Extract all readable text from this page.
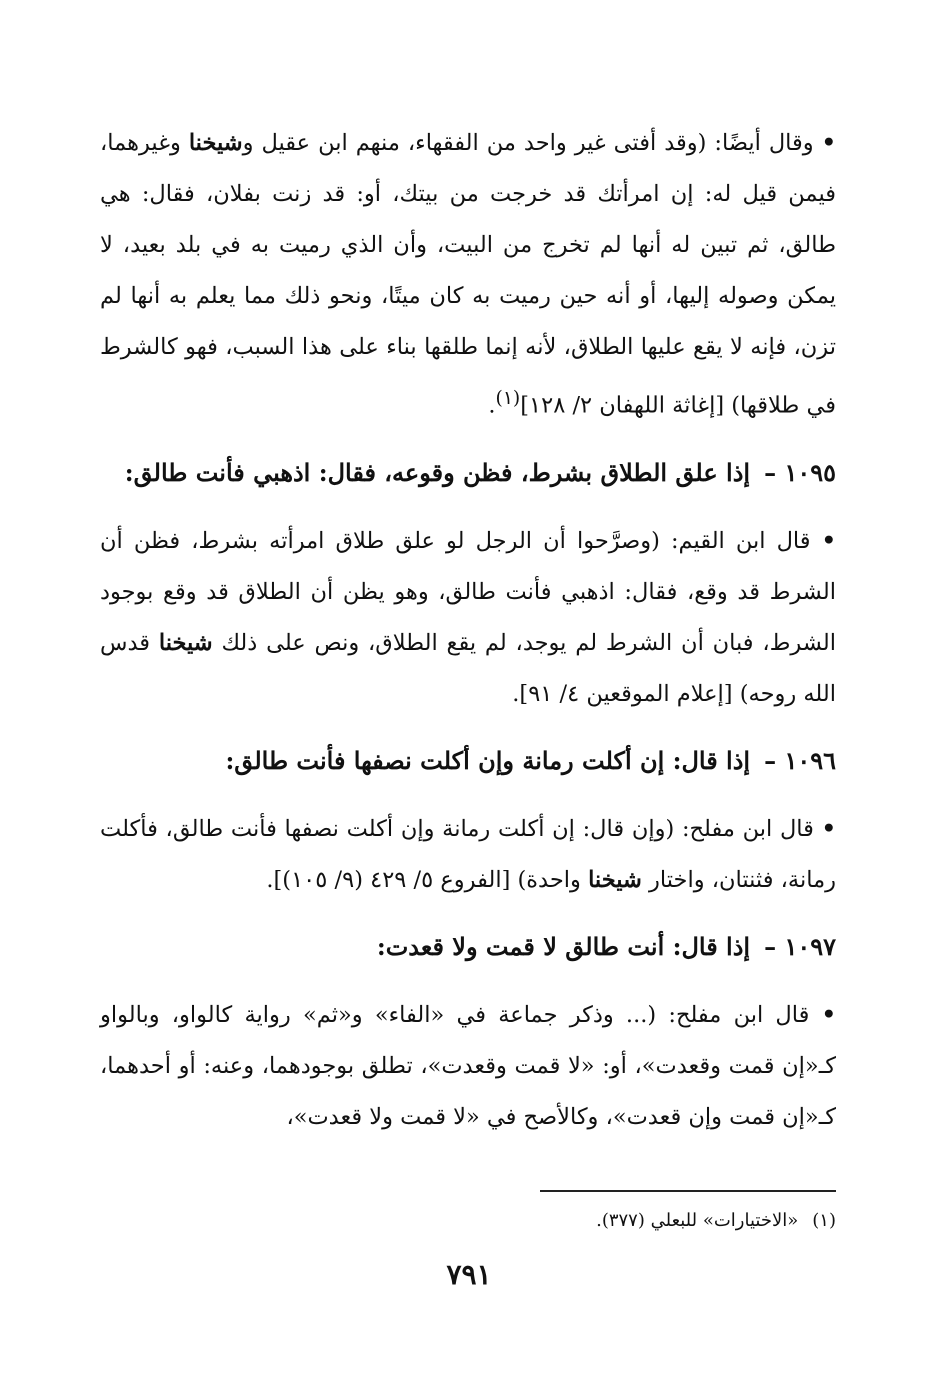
• وقال أيضًا: (وقد أفتى غير واحد من الفقهاء، منهم ابن عقيل وشيخنا وغيرهما، فيمن قيل له: إن امرأتك قد خرجت من بيتك، أو: قد زنت بفلان، فقال: هي طالق، ثم تبين له أنها لم تخرج من البيت، وأن الذي رميت به في بلد بعيد، لا يمكن وصوله إليها، أو أنه حين رميت به كان ميتًا، ونحو ذلك مما يعلم به أنها لم تزن، فإنه لا يقع عليها الطلاق، لأنه إنما طلقها بناء على هذا السبب، فهو كالشرط في طلاقها) [إغاثة اللهفان ٢/ ١٢٨]$^{(١)}$.

١٠٩٥ –إذا علق الطلاق بشرط، فظن وقوعه، فقال: اذهبي فأنت طالق:

• قال ابن القيم: (وصرَّحوا أن الرجل لو علق طلاق امرأته بشرط، فظن أن الشرط قد وقع، فقال: اذهبي فأنت طالق، وهو يظن أن الطلاق قد وقع بوجود الشرط، فبان أن الشرط لم يوجد، لم يقع الطلاق، ونص على ذلك شيخنا قدس الله روحه) [إعلام الموقعين ٤/ ٩١].

١٠٩٦ –إذا قال: إن أكلت رمانة وإن أكلت نصفها فأنت طالق:

• قال ابن مفلح: (وإن قال: إن أكلت رمانة وإن أكلت نصفها فأنت طالق، فأكلت رمانة، فثنتان، واختار شيخنا واحدة) [الفروع ٥/ ٤٢٩ (٩/ ١٠٥)].

١٠٩٧ –إذا قال: أنت طالق لا قمت ولا قعدت:

• قال ابن مفلح: (... وذكر جماعة في «الفاء» و«ثم» رواية كالواو، وبالواو كـ«إن قمت وقعدت»، أو: «لا قمت وقعدت»، تطلق بوجودهما، وعنه: أو أحدهما، كـ«إن قمت وإن قعدت»، وكالأصح في «لا قمت ولا قعدت»،

(١)«الاختيارات» للبعلي (٣٧٧).
٧٩١
